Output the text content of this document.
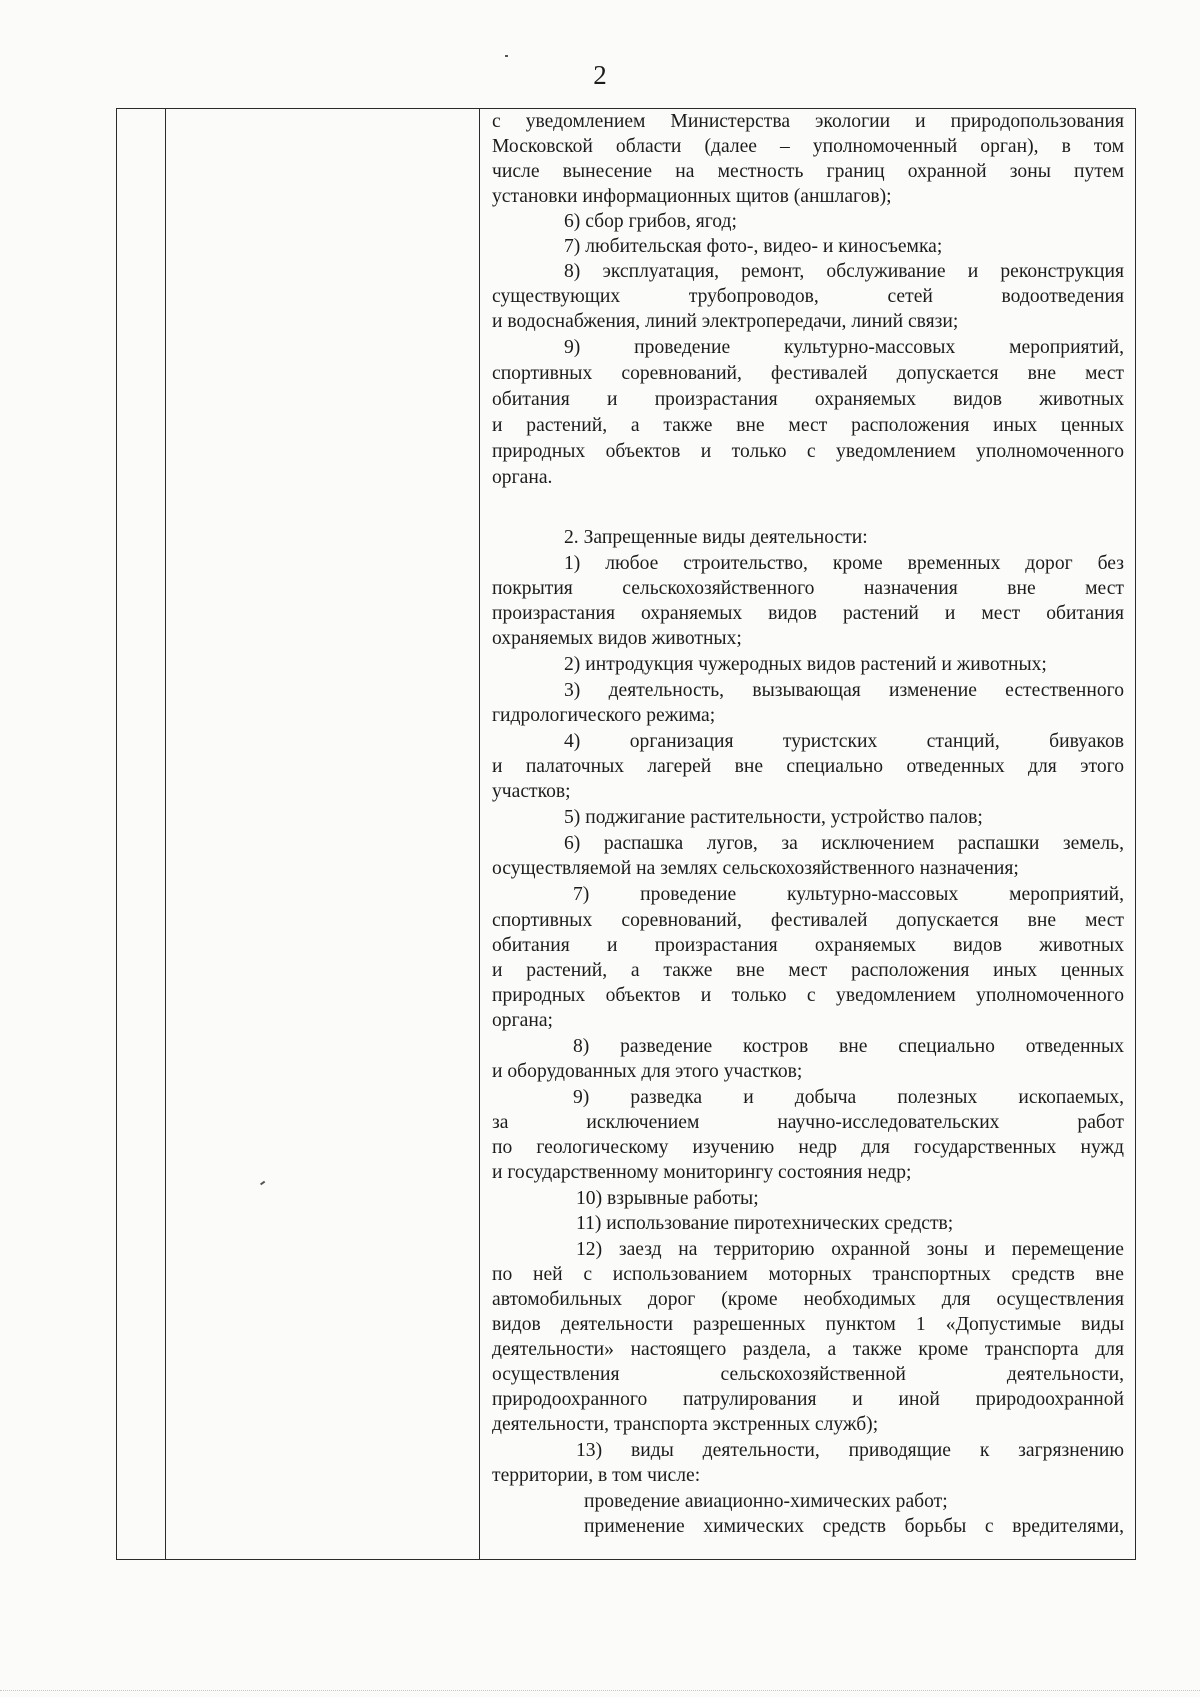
2
с уведомлением Министерства экологии и природопользования
Московской области (далее – уполномоченный орган), в том
числе вынесение на местность границ охранной зоны путем
установки информационных щитов (аншлагов);
6) сбор грибов, ягод;
7) любительская фото-, видео- и киносъемка;
8) эксплуатация, ремонт, обслуживание и реконструкция
существующих трубопроводов, сетей водоотведения
и водоснабжения, линий электропередачи, линий связи;
9) проведение культурно-массовых мероприятий,
спортивных соревнований, фестивалей допускается вне мест
обитания и произрастания охраняемых видов животных
и растений, а также вне мест расположения иных ценных
природных объектов и только с уведомлением уполномоченного
органа.
2. Запрещенные виды деятельности:
1) любое строительство, кроме временных дорог без
покрытия сельскохозяйственного назначения вне мест
произрастания охраняемых видов растений и мест обитания
охраняемых видов животных;
2) интродукция чужеродных видов растений и животных;
3) деятельность, вызывающая изменение естественного
гидрологического режима;
4) организация туристских станций, бивуаков
и палаточных лагерей вне специально отведенных для этого
участков;
5) поджигание растительности, устройство палов;
6) распашка лугов, за исключением распашки земель,
осуществляемой на землях сельскохозяйственного назначения;
7) проведение культурно-массовых мероприятий,
спортивных соревнований, фестивалей допускается вне мест
обитания и произрастания охраняемых видов животных
и растений, а также вне мест расположения иных ценных
природных объектов и только с уведомлением уполномоченного
органа;
8) разведение костров вне специально отведенных
и оборудованных для этого участков;
9) разведка и добыча полезных ископаемых,
за исключением научно-исследовательских работ
по геологическому изучению недр для государственных нужд
и государственному мониторингу состояния недр;
10) взрывные работы;
11) использование пиротехнических средств;
12) заезд на территорию охранной зоны и перемещение
по ней с использованием моторных транспортных средств вне
автомобильных дорог (кроме необходимых для осуществления
видов деятельности разрешенных пунктом 1 «Допустимые виды
деятельности» настоящего раздела, а также кроме транспорта для
осуществления сельскохозяйственной деятельности,
природоохранного патрулирования и иной природоохранной
деятельности, транспорта экстренных служб);
13) виды деятельности, приводящие к загрязнению
территории, в том числе:
проведение авиационно-химических работ;
применение химических средств борьбы с вредителями,
